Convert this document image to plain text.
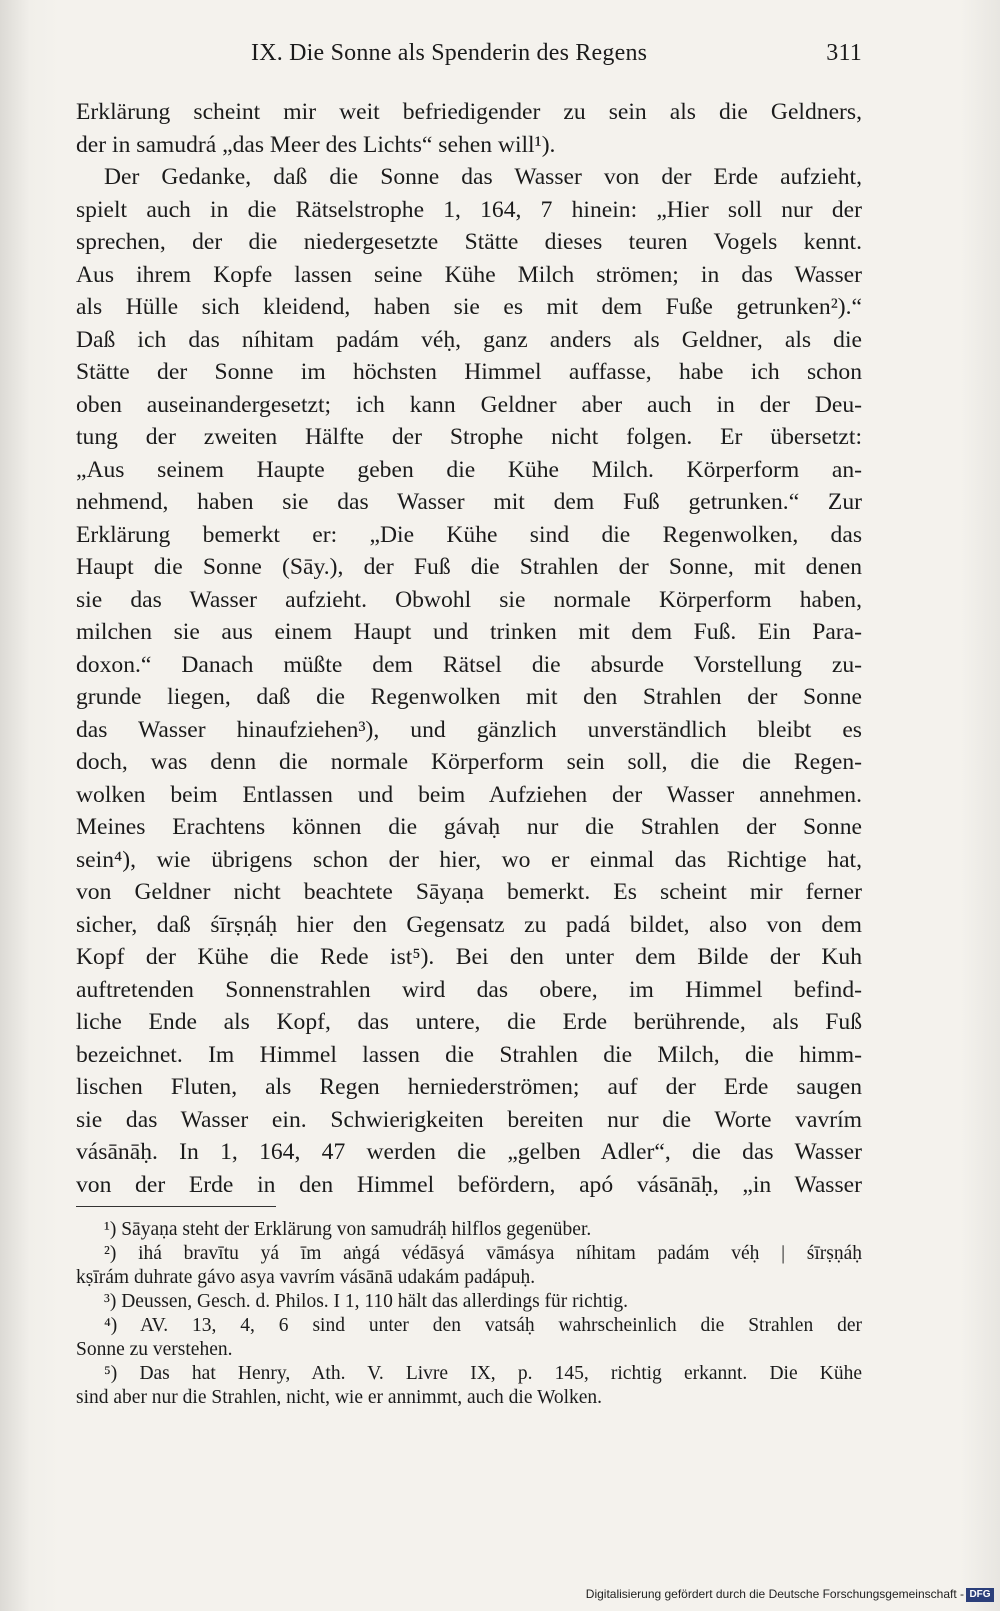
IX. Die Sonne als Spenderin des Regens	311
Erklärung scheint mir weit befriedigender zu sein als die Geldners,
der in samudrá „das Meer des Lichts“ sehen will¹).
Der Gedanke, daß die Sonne das Wasser von der Erde aufzieht,
spielt auch in die Rätselstrophe 1, 164, 7 hinein: „Hier soll nur der
sprechen, der die niedergesetzte Stätte dieses teuren Vogels kennt.
Aus ihrem Kopfe lassen seine Kühe Milch strömen; in das Wasser
als Hülle sich kleidend, haben sie es mit dem Fuße getrunken²).“
Daß ich das níhitam padám véḥ, ganz anders als Geldner, als die
Stätte der Sonne im höchsten Himmel auffasse, habe ich schon
oben auseinandergesetzt; ich kann Geldner aber auch in der Deu-
tung der zweiten Hälfte der Strophe nicht folgen. Er übersetzt:
„Aus seinem Haupte geben die Kühe Milch. Körperform an-
nehmend, haben sie das Wasser mit dem Fuß getrunken.“ Zur
Erklärung bemerkt er: „Die Kühe sind die Regenwolken, das
Haupt die Sonne (Sāy.), der Fuß die Strahlen der Sonne, mit denen
sie das Wasser aufzieht. Obwohl sie normale Körperform haben,
milchen sie aus einem Haupt und trinken mit dem Fuß. Ein Para-
doxon.“ Danach müßte dem Rätsel die absurde Vorstellung zu-
grunde liegen, daß die Regenwolken mit den Strahlen der Sonne
das Wasser hinaufziehen³), und gänzlich unverständlich bleibt es
doch, was denn die normale Körperform sein soll, die die Regen-
wolken beim Entlassen und beim Aufziehen der Wasser annehmen.
Meines Erachtens können die gávaḥ nur die Strahlen der Sonne
sein⁴), wie übrigens schon der hier, wo er einmal das Richtige hat,
von Geldner nicht beachtete Sāyaṇa bemerkt. Es scheint mir ferner
sicher, daß śīrṣṇáḥ hier den Gegensatz zu padá bildet, also von dem
Kopf der Kühe die Rede ist⁵). Bei den unter dem Bilde der Kuh
auftretenden Sonnenstrahlen wird das obere, im Himmel befind-
liche Ende als Kopf, das untere, die Erde berührende, als Fuß
bezeichnet. Im Himmel lassen die Strahlen die Milch, die himm-
lischen Fluten, als Regen herniederströmen; auf der Erde saugen
sie das Wasser ein. Schwierigkeiten bereiten nur die Worte vavrím
vásānāḥ. In 1, 164, 47 werden die „gelben Adler“, die das Wasser
von der Erde in den Himmel befördern, apó vásānāḥ, „in Wasser
¹) Sāyaṇa steht der Erklärung von samudráḥ hilflos gegenüber.
²) ihá bravītu yá īm aṅgá védāsyá vāmásya níhitam padám véḥ | śīrṣṇáḥ
kṣīrám duhrate gávo asya vavrím vásānā udakám padápuḥ.
³) Deussen, Gesch. d. Philos. I 1, 110 hält das allerdings für richtig.
⁴) AV. 13, 4, 6 sind unter den vatsáḥ wahrscheinlich die Strahlen der
Sonne zu verstehen.
⁵) Das hat Henry, Ath. V. Livre IX, p. 145, richtig erkannt. Die Kühe
sind aber nur die Strahlen, nicht, wie er annimmt, auch die Wolken.
Digitalisierung gefördert durch die Deutsche Forschungsgemeinschaft - DFG
